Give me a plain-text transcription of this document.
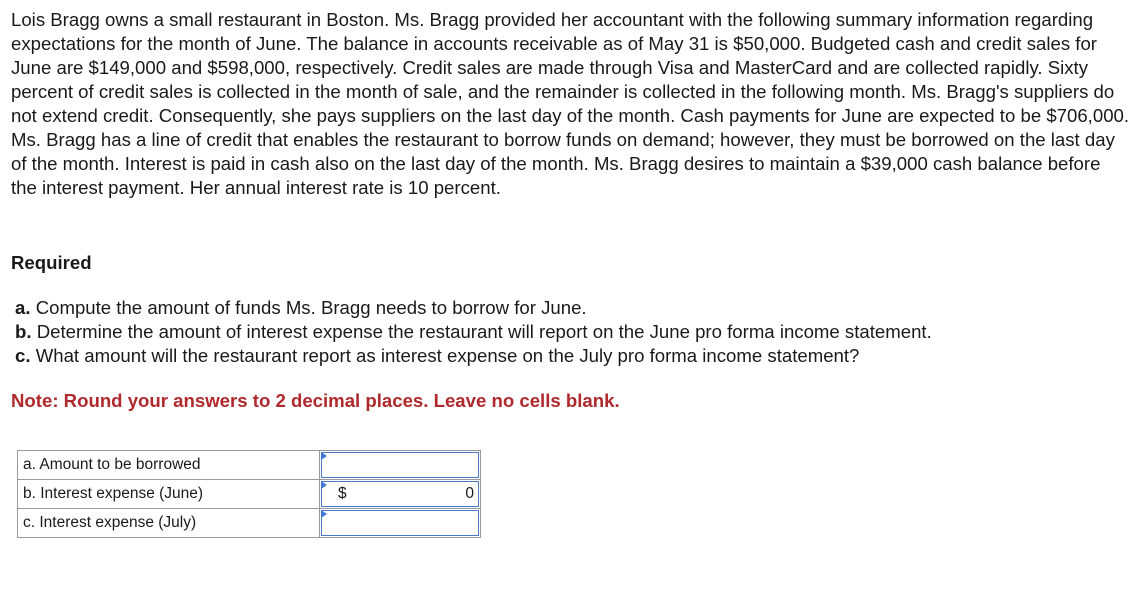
Lois Bragg owns a small restaurant in Boston. Ms. Bragg provided her accountant with the following summary information regarding expectations for the month of June. The balance in accounts receivable as of May 31 is $50,000. Budgeted cash and credit sales for June are $149,000 and $598,000, respectively. Credit sales are made through Visa and MasterCard and are collected rapidly. Sixty percent of credit sales is collected in the month of sale, and the remainder is collected in the following month. Ms. Bragg's suppliers do not extend credit. Consequently, she pays suppliers on the last day of the month. Cash payments for June are expected to be $706,000. Ms. Bragg has a line of credit that enables the restaurant to borrow funds on demand; however, they must be borrowed on the last day of the month. Interest is paid in cash also on the last day of the month. Ms. Bragg desires to maintain a $39,000 cash balance before the interest payment. Her annual interest rate is 10 percent.

Required

a. Compute the amount of funds Ms. Bragg needs to borrow for June.
b. Determine the amount of interest expense the restaurant will report on the June pro forma income statement.
c. What amount will the restaurant report as interest expense on the July pro forma income statement?

Note: Round your answers to 2 decimal places. Leave no cells blank.

a. Amount to be borrowed	

b. Interest expense (June)	$ 0

c. Interest expense (July)	
